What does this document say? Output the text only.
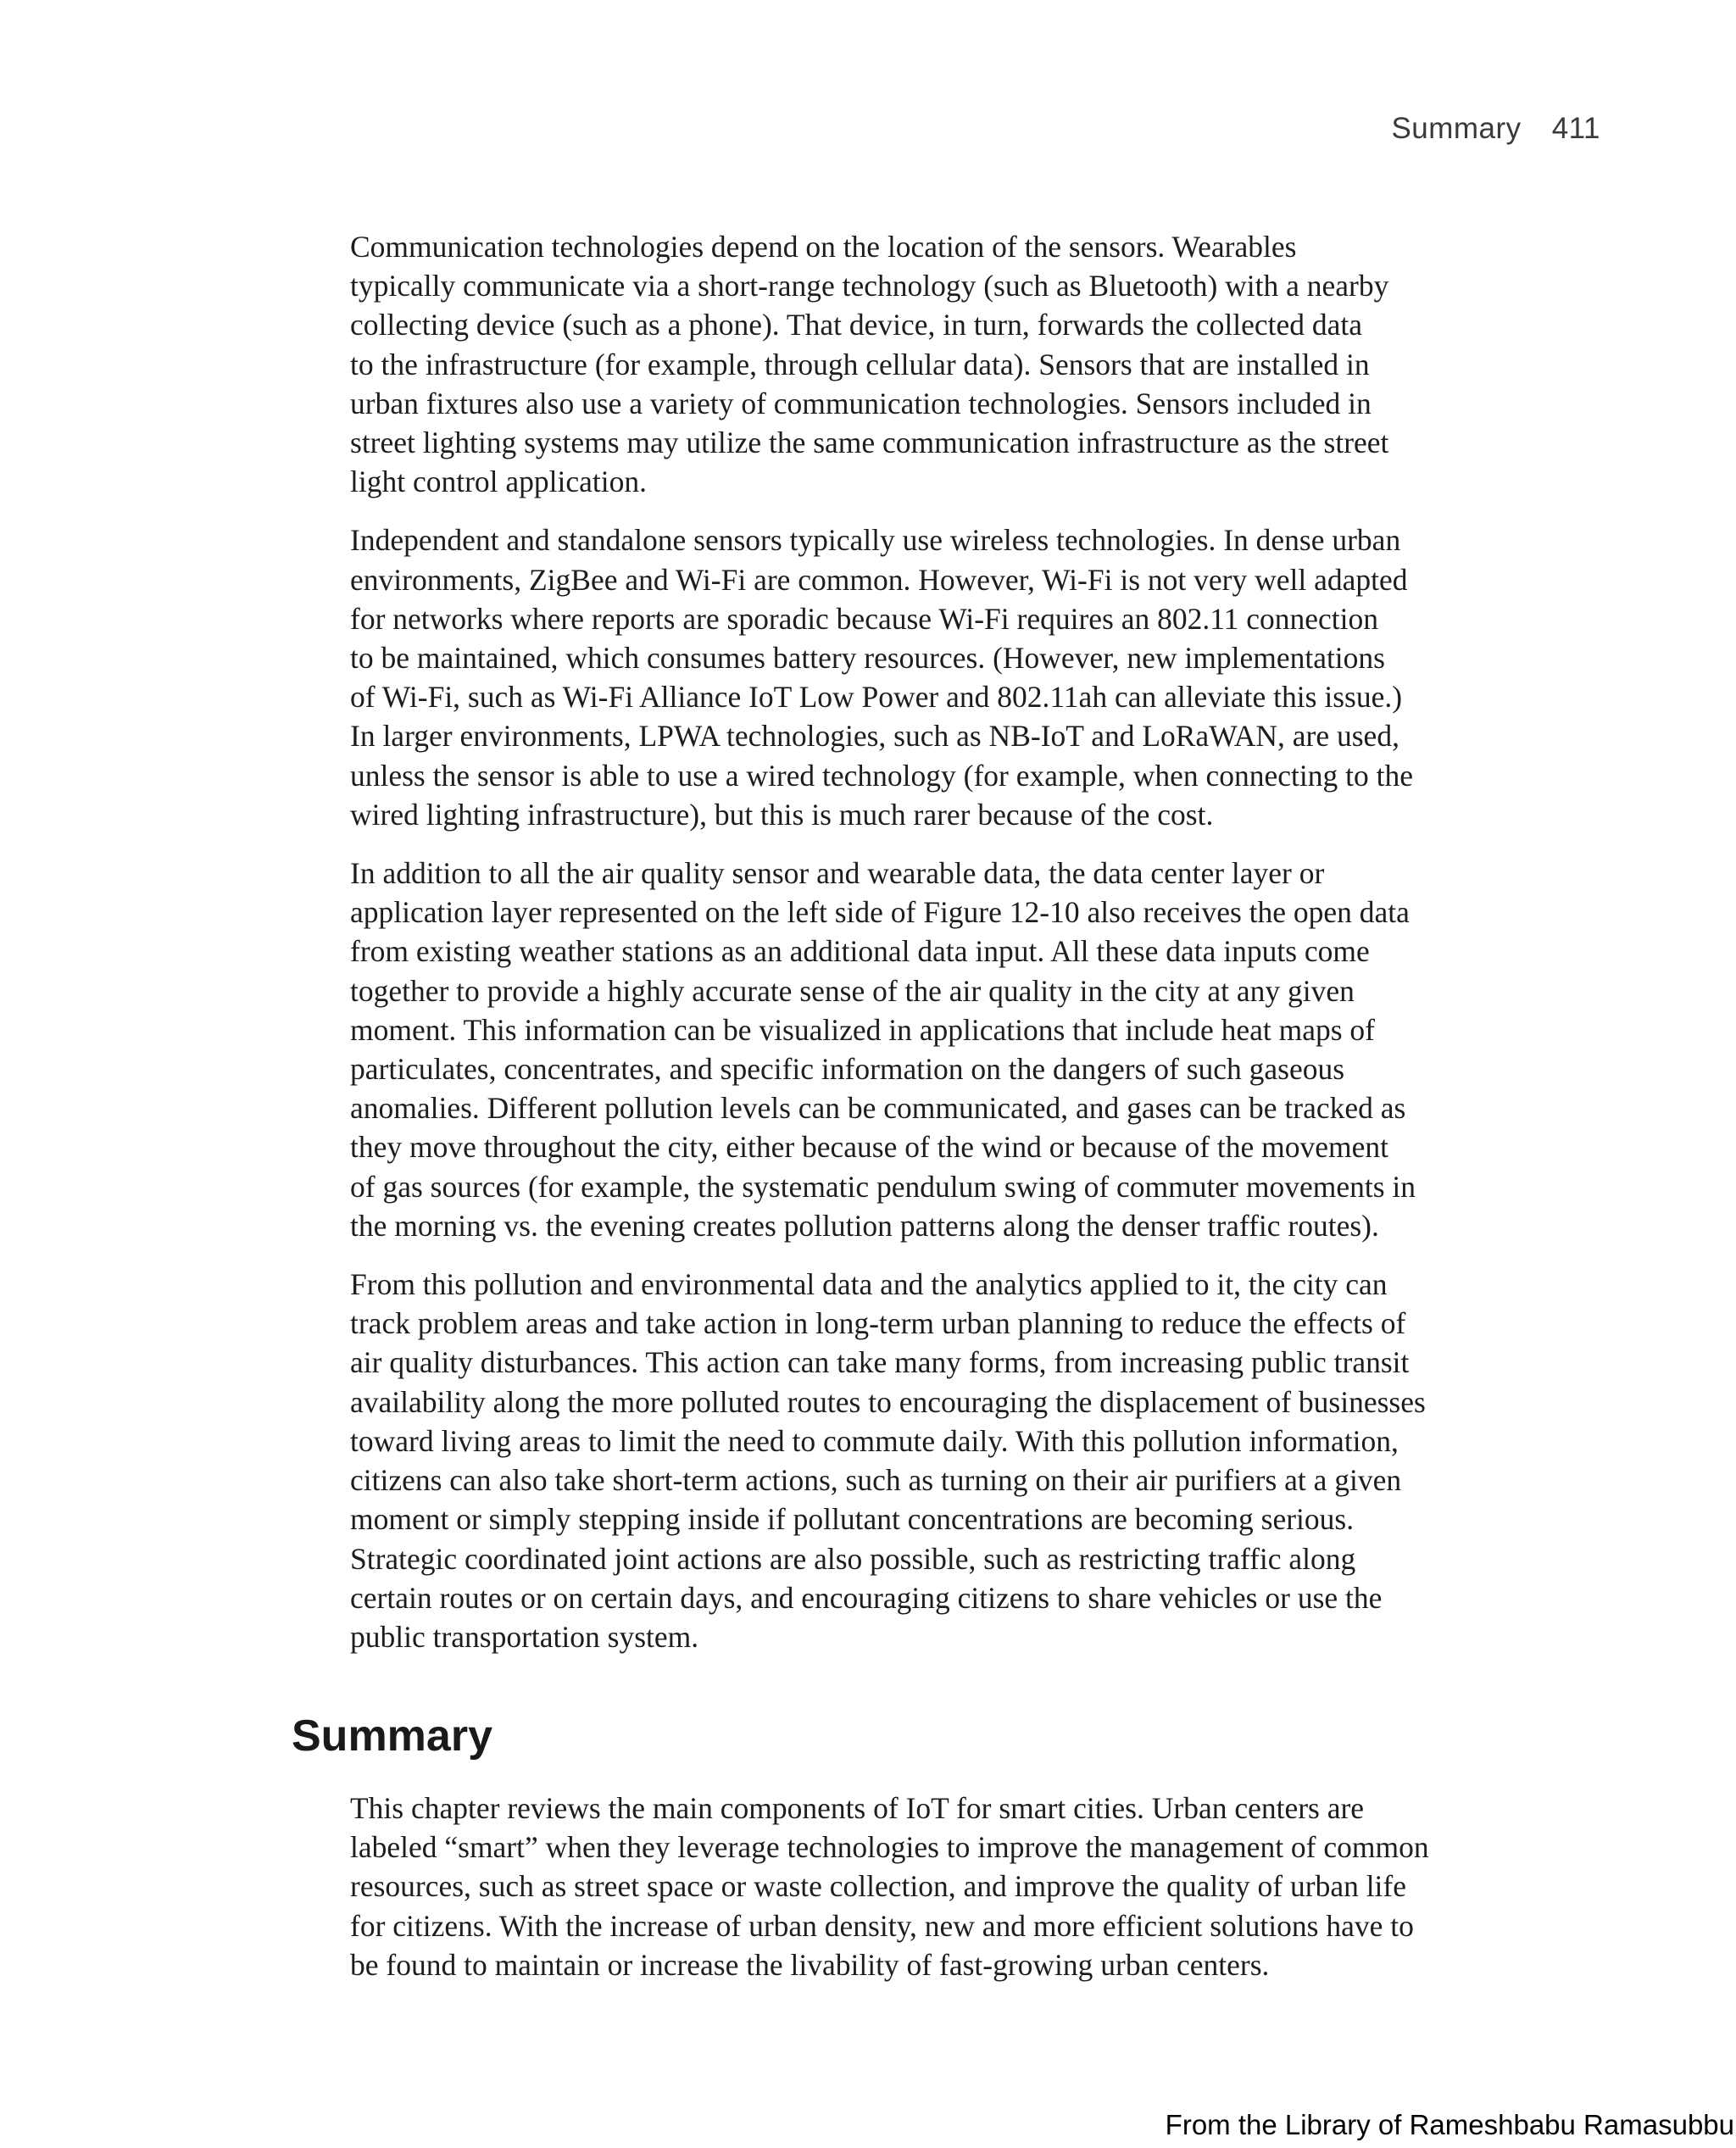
Summary 411

Communication technologies depend on the location of the sensors. Wearables
typically communicate via a short-range technology (such as Bluetooth) with a nearby
collecting device (such as a phone). That device, in turn, forwards the collected data
to the infrastructure (for example, through cellular data). Sensors that are installed in
urban fixtures also use a variety of communication technologies. Sensors included in
street lighting systems may utilize the same communication infrastructure as the street
light control application.

Independent and standalone sensors typically use wireless technologies. In dense urban
environments, ZigBee and Wi-Fi are common. However, Wi-Fi is not very well adapted
for networks where reports are sporadic because Wi-Fi requires an 802.11 connection
to be maintained, which consumes battery resources. (However, new implementations
of Wi-Fi, such as Wi-Fi Alliance IoT Low Power and 802.11ah can alleviate this issue.)
In larger environments, LPWA technologies, such as NB-IoT and LoRaWAN, are used,
unless the sensor is able to use a wired technology (for example, when connecting to the
wired lighting infrastructure), but this is much rarer because of the cost.

In addition to all the air quality sensor and wearable data, the data center layer or
application layer represented on the left side of Figure 12-10 also receives the open data
from existing weather stations as an additional data input. All these data inputs come
together to provide a highly accurate sense of the air quality in the city at any given
moment. This information can be visualized in applications that include heat maps of
particulates, concentrates, and specific information on the dangers of such gaseous
anomalies. Different pollution levels can be communicated, and gases can be tracked as
they move throughout the city, either because of the wind or because of the movement
of gas sources (for example, the systematic pendulum swing of commuter movements in
the morning vs. the evening creates pollution patterns along the denser traffic routes).

From this pollution and environmental data and the analytics applied to it, the city can
track problem areas and take action in long-term urban planning to reduce the effects of
air quality disturbances. This action can take many forms, from increasing public transit
availability along the more polluted routes to encouraging the displacement of businesses
toward living areas to limit the need to commute daily. With this pollution information,
citizens can also take short-term actions, such as turning on their air purifiers at a given
moment or simply stepping inside if pollutant concentrations are becoming serious.
Strategic coordinated joint actions are also possible, such as restricting traffic along
certain routes or on certain days, and encouraging citizens to share vehicles or use the
public transportation system.

Summary

This chapter reviews the main components of IoT for smart cities. Urban centers are
labeled “smart” when they leverage technologies to improve the management of common
resources, such as street space or waste collection, and improve the quality of urban life
for citizens. With the increase of urban density, new and more efficient solutions have to
be found to maintain or increase the livability of fast-growing urban centers.

From the Library of Rameshbabu Ramasubbu
